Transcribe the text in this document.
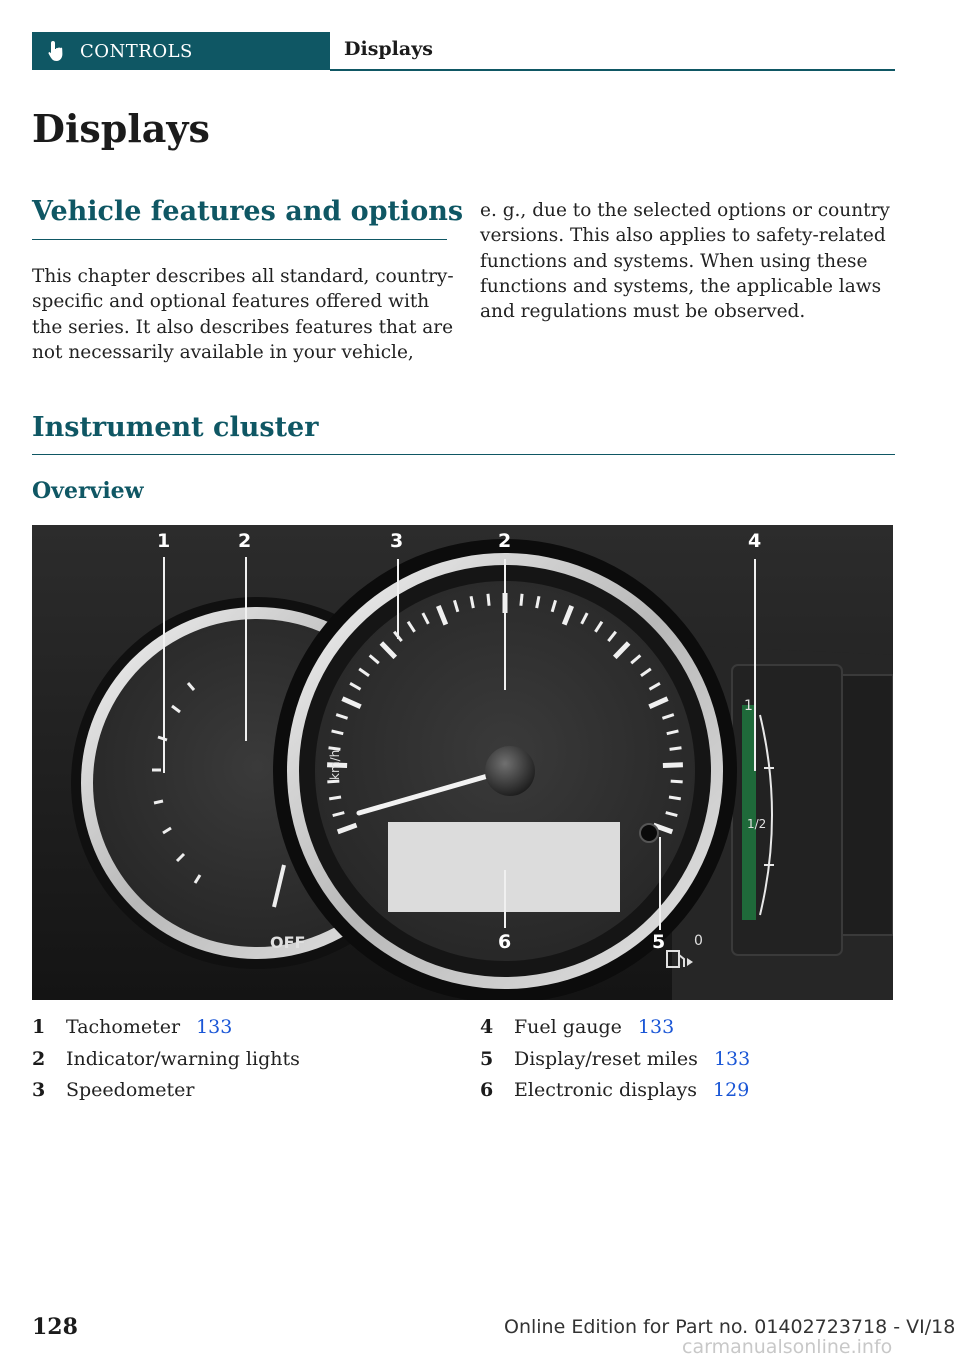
CONTROLS	Displays
Displays
Vehicle features and options
This chapter describes all standard, country-
specific and optional features offered with
the series. It also describes features that are
not necessarily available in your vehicle,
e. g., due to the selected options or country
versions. This also applies to safety-related
functions and systems. When using these
functions and systems, the applicable laws
and regulations must be observed.
Instrument cluster
Overview
OFF
km/h
1
1/2
0
1	2	3	2	4
5
6
1	Tachometer 133
2	Indicator/warning lights
3	Speedometer
4	Fuel gauge 133
5	Display/reset miles 133
6	Electronic displays 129
128	Online Edition for Part no. 01402723718 - VI/18
carmanualsonline.info
